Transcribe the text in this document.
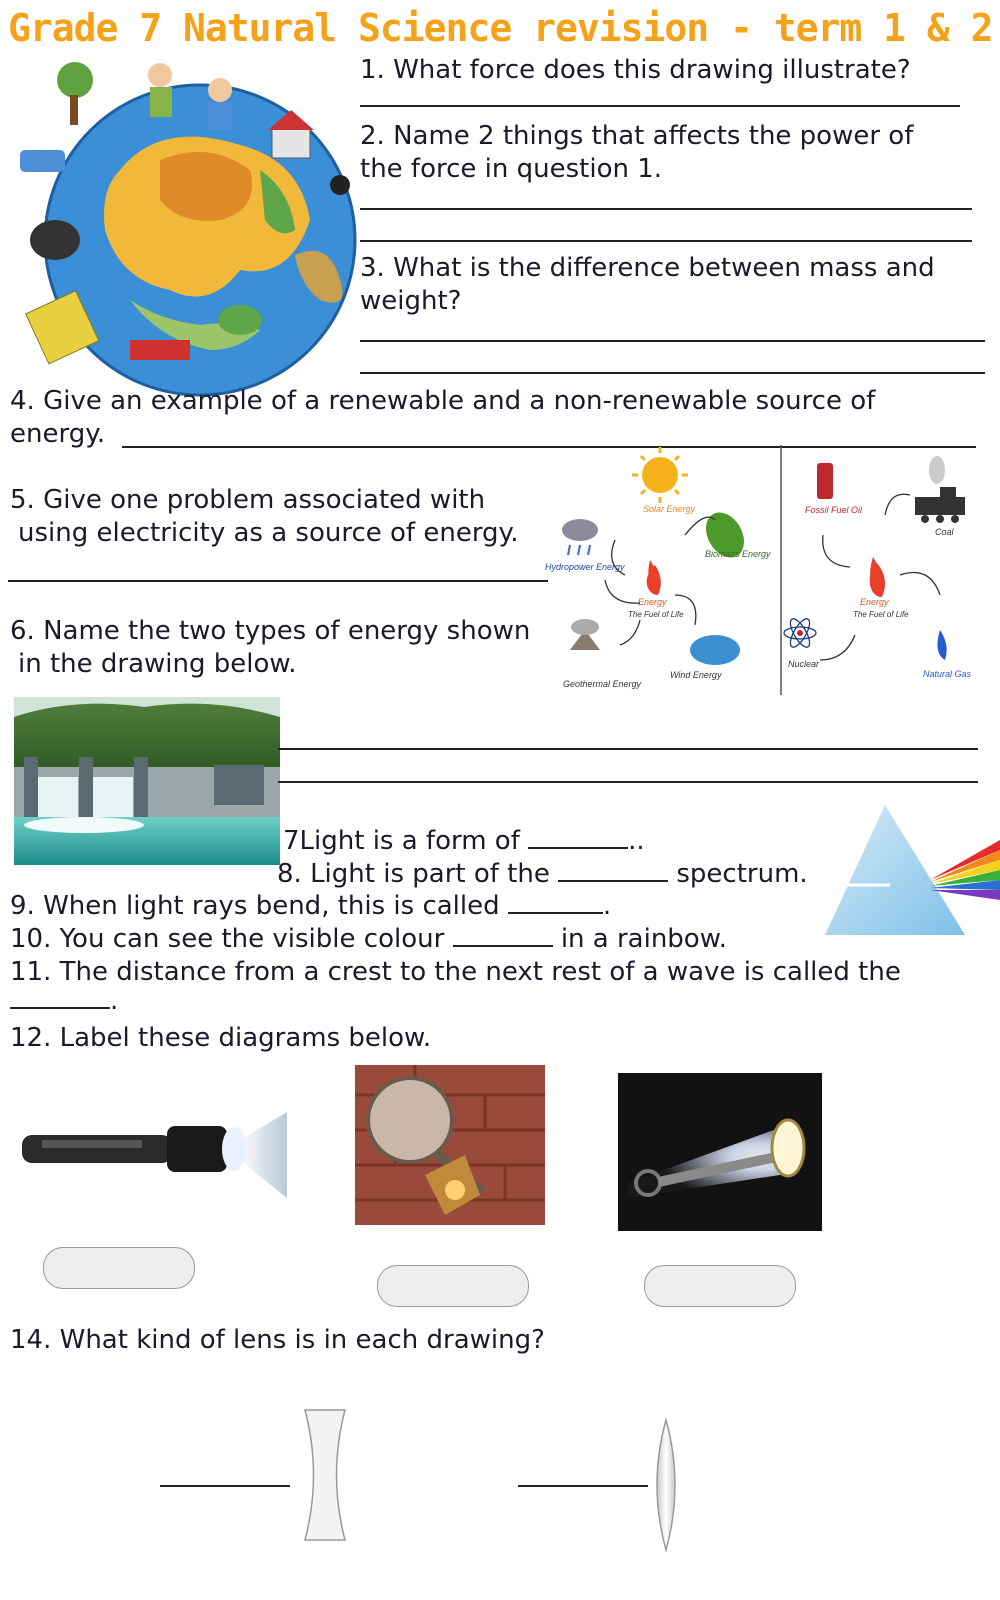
Grade 7 Natural Science revision - term 1 & 2
1. What force does this drawing illustrate?
2. Name 2 things that affects the power of
the force in question 1.
3. What is the difference between mass and
weight?
4. Give an example of a renewable and a non-renewable source of
energy.
5. Give one problem associated with
using electricity as a source of energy.
Solar Energy
Biomass Energy
Hydropower Energy
Energy
The Fuel of Life
Geothermal Energy
Wind Energy
Fossil Fuel Oil
Coal
Energy
The Fuel of Life
Nuclear
Natural Gas
6. Name the two types of energy shown
in the drawing below.
7Light is a form of	..
8. Light is part of the	spectrum.
9. When light rays bend, this is called	.
10. You can see the visible colour	in a rainbow.
11. The distance from a crest to the next rest of a wave is called the
.
12. Label these diagrams below.
14. What kind of lens is in each drawing?
